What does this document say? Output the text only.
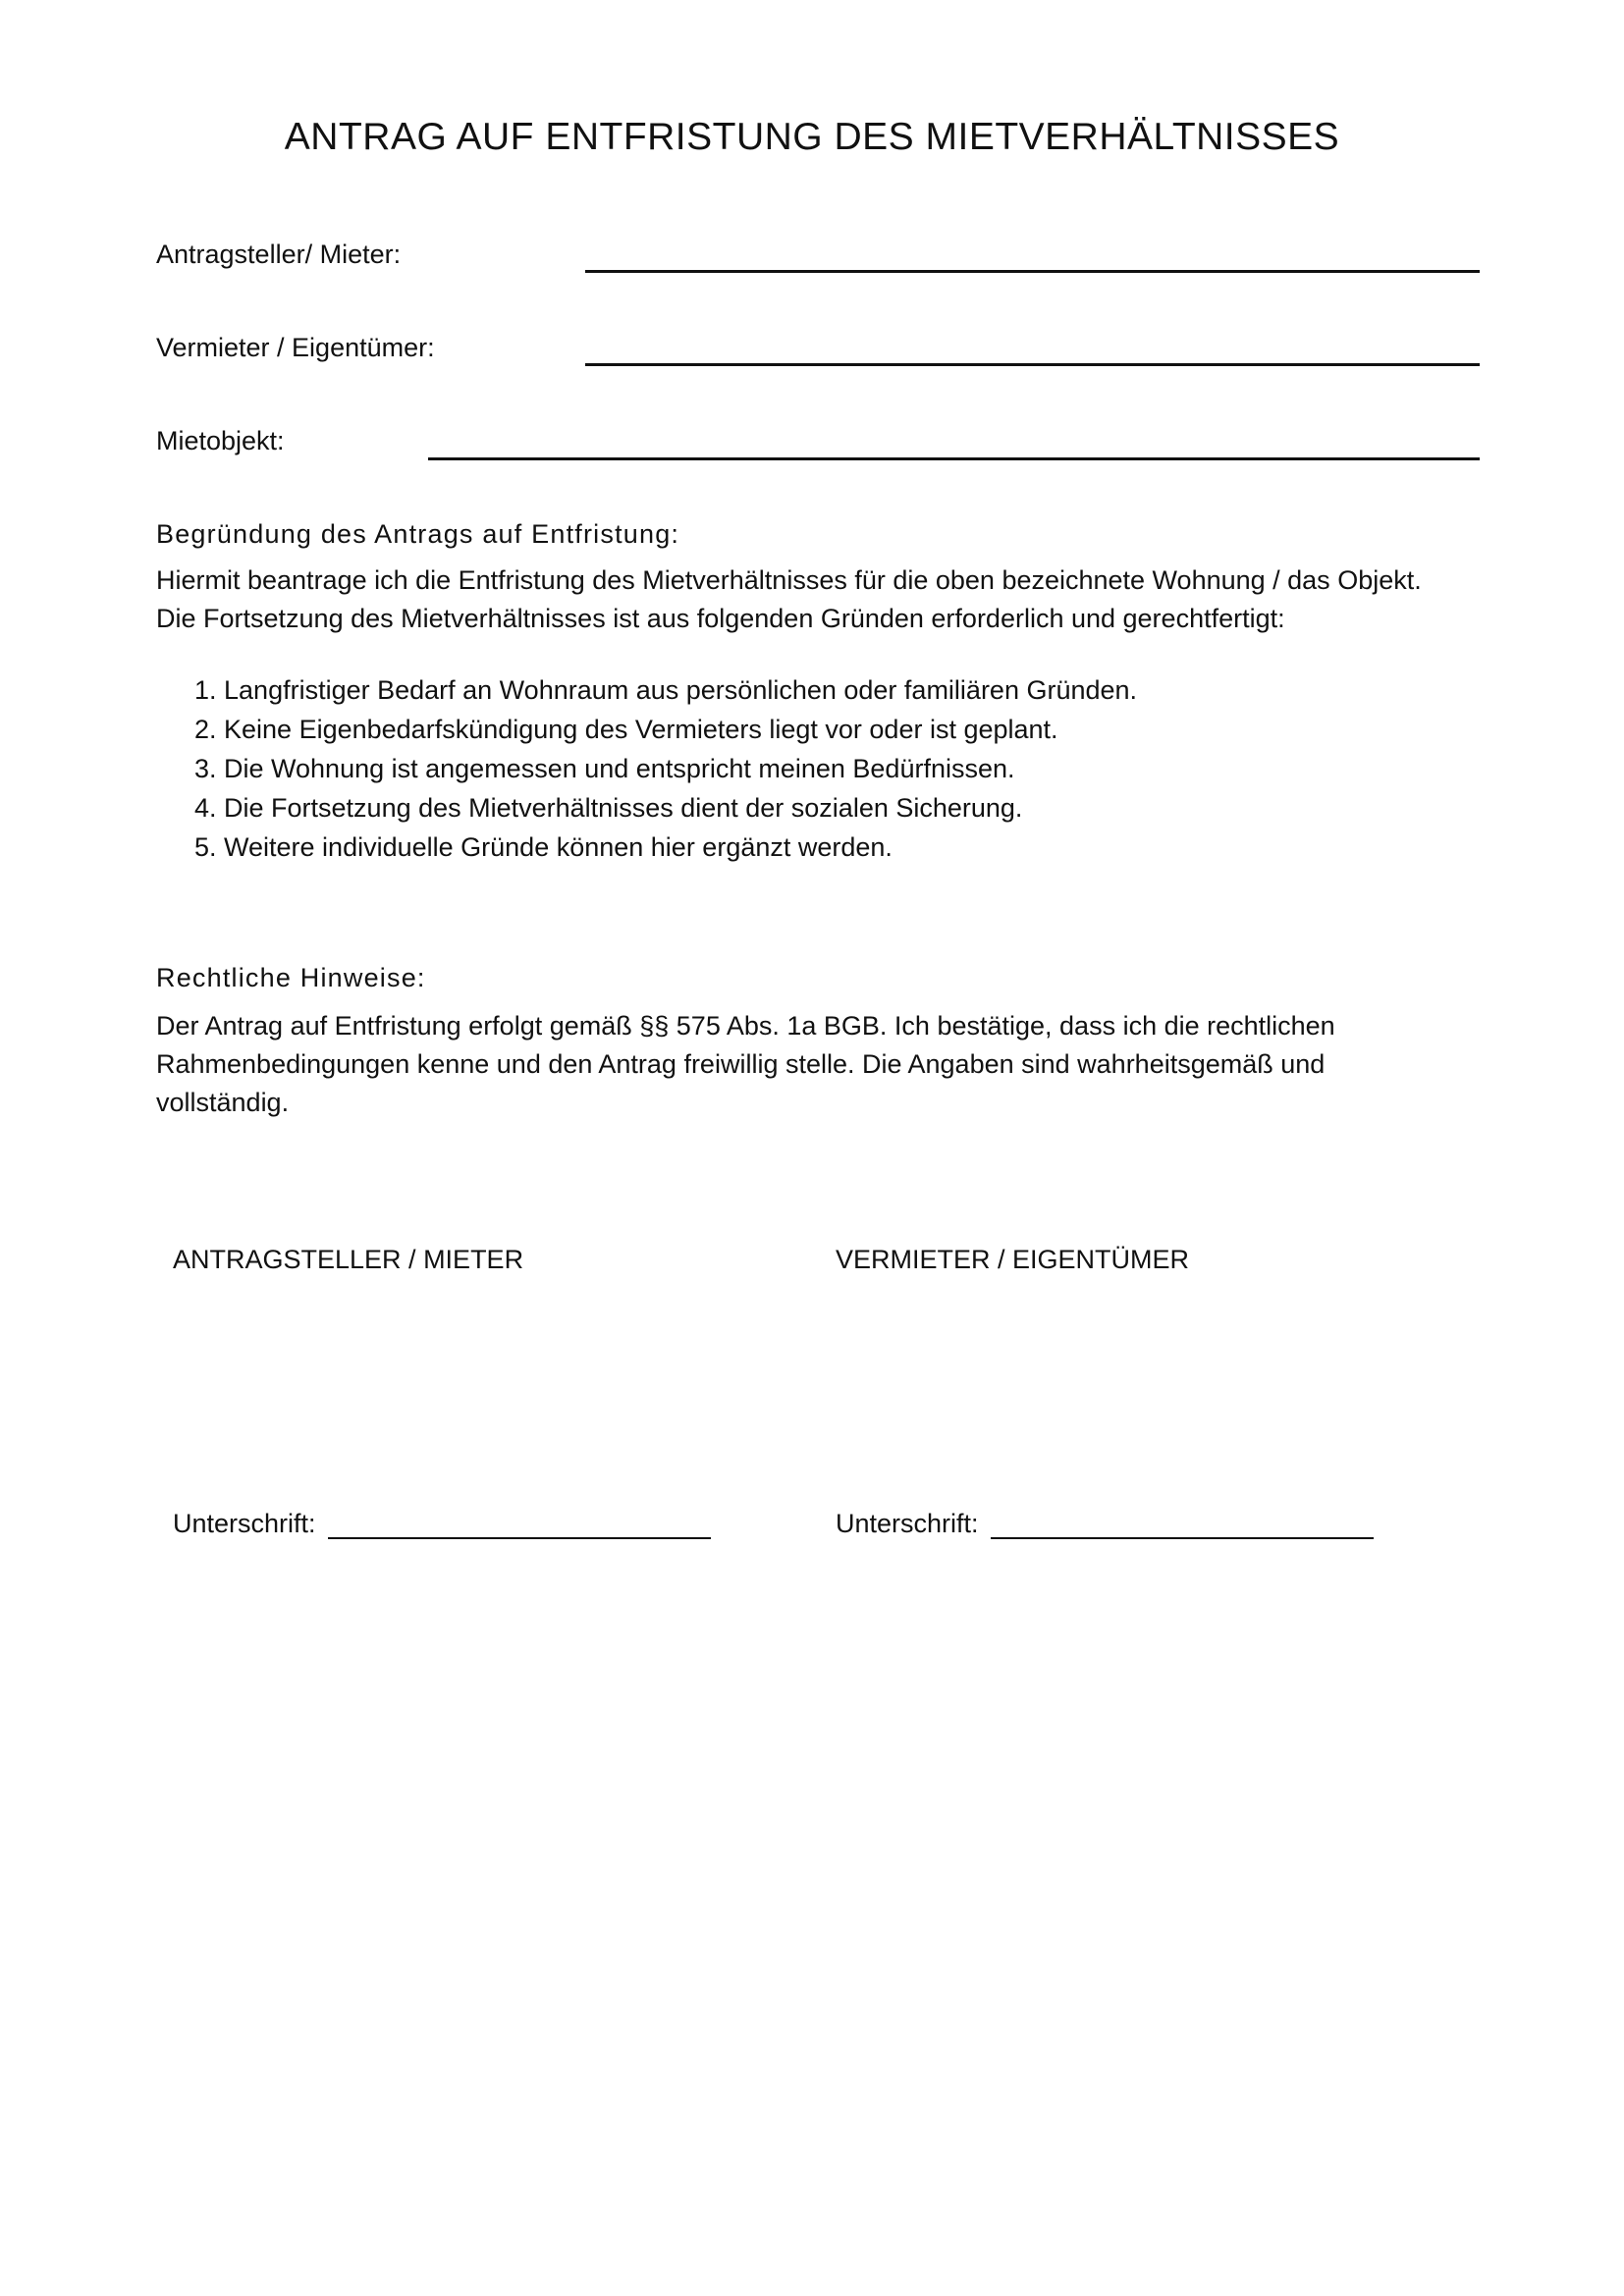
ANTRAG AUF ENTFRISTUNG DES MIETVERHÄLTNISSES
Antragsteller/ Mieter:
Vermieter / Eigentümer:
Mietobjekt:
Begründung des Antrags auf Entfristung:
Hiermit beantrage ich die Entfristung des Mietverhältnisses für die oben bezeichnete Wohnung / das Objekt.
Die Fortsetzung des Mietverhältnisses ist aus folgenden Gründen erforderlich und gerechtfertigt:
1. Langfristiger Bedarf an Wohnraum aus persönlichen oder familiären Gründen.
2. Keine Eigenbedarfskündigung des Vermieters liegt vor oder ist geplant.
3. Die Wohnung ist angemessen und entspricht meinen Bedürfnissen.
4. Die Fortsetzung des Mietverhältnisses dient der sozialen Sicherung.
5. Weitere individuelle Gründe können hier ergänzt werden.
Rechtliche Hinweise:
Der Antrag auf Entfristung erfolgt gemäß §§ 575 Abs. 1a BGB. Ich bestätige, dass ich die rechtlichen
Rahmenbedingungen kenne und den Antrag freiwillig stelle. Die Angaben sind wahrheitsgemäß und
vollständig.
ANTRAGSTELLER / MIETER	VERMIETER / EIGENTÜMER
Unterschrift:	Unterschrift:
